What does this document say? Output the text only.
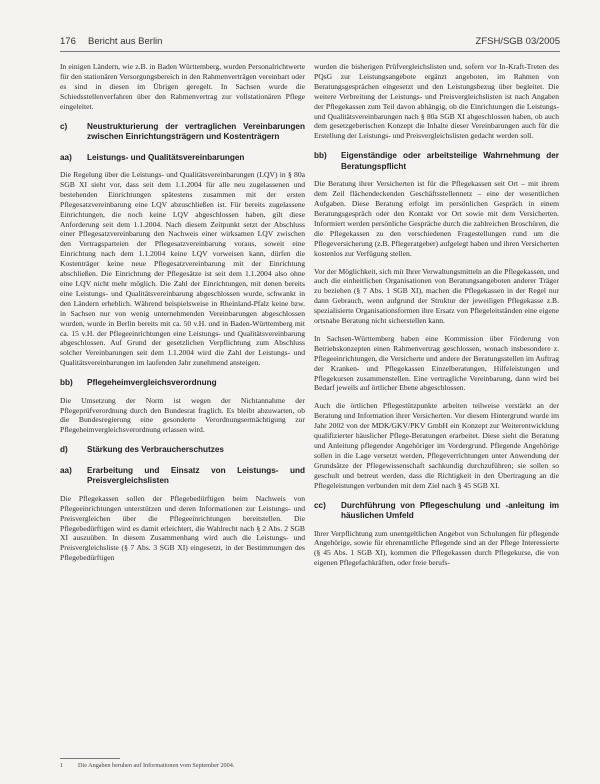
176 Bericht aus Berlin	ZFSH/SGB 03/2005

In einigen Ländern, wie z.B. in Baden Württemberg, wurden Personalrichtwerte für den stationären Versorgungsbereich in den Rahmenverträgen vereinbart oder es sind in diesen im Übrigen geregelt. In Sachsen wurde die Schiedsstellenverfahren über den Rahmenvertrag zur vollstationären Pflege eingeleitet.

c)	Neustrukturierung der vertraglichen Vereinbarungen zwischen Einrichtungsträgern und Kostenträgern
aa)	Leistungs- und Qualitätsvereinbarungen

Die Regelung über die Leistungs- und Qualitätsvereinbarungen (LQV) in § 80a SGB XI sieht vor, dass seit dem 1.1.2004 für alle neu zugelassenen und bestehenden Einrichtungen spätestens zusammen mit der ersten Pflegesatzvereinbarung eine LQV abzuschließen ist. Für bereits zugelassene Einrichtungen, die noch keine LQV abgeschlossen haben, gilt diese Anforderung seit dem 1.1.2004. Nach diesem Zeitpunkt setzt der Abschluss einer Pflegesatzvereinbarung den Nachweis einer wirksamen LQV zwischen den Vertragsparteien der Pflegesatzvereinbarung voraus, soweit eine Einrichtung nach dem 1.1.2004 keine LQV vorweisen kann, dürfen die Kostenträger keine neue Pflegesatzvereinbarung mit der Einrichtung abschließen. Die Einrichtung der Pflegesätze ist seit dem 1.1.2004 also ohne eine LQV nicht mehr möglich. Die Zahl der Einrichtungen, mit denen bereits eine Leistungs- und Qualitätsvereinbarung abgeschlossen wurde, schwankt in den Ländern erheblich. Während beispielsweise in Rheinland-Pfalz keine bzw. in Sachsen nur von wenig unternehmenden Vereinbarungen abgeschlossen wurden, wurde in Berlin bereits mit ca. 50 v.H. und in Baden-Württemberg mit ca. 15 v.H. der Pflegeeinrichtungen eine Leistungs- und Qualitätsvereinbarung abgeschlossen. Auf Grund der gesetzlichen Verpflichtung zum Abschluss solcher Vereinbarungen seit dem 1.1.2004 wird die Zahl der Leistungs- und Qualitätsvereinbarungen im laufenden Jahr zunehmend ansteigen.

bb)	Pflegeheimvergleichsverordnung

Die Umsetzung der Norm ist wegen der Nichtannahme der Pflegeprüfverordnung durch den Bundesrat fraglich. Es bleibt abzuwarten, ob die Bundesregierung eine gesonderte Verordnungsermächtigung zur Pflegeheimvergleichsverordnung erlassen wird.

d)	Stärkung des Verbraucherschutzes
aa)	Erarbeitung und Einsatz von Leistungs- und Preisvergleichslisten

Die Pflegekassen sollen der Pflegebedürftigen beim Nachweis von Pflegeeinrichtungen unterstützen und deren Informationen zur Leistungs- und Preisvergleichen über die Pflegeeinrichtungen bereitstellen. Die Pflegebedürftigen wird es damit erleichtert, die Wahlrecht nach § 2 Abs. 2 SGB XI auszuüben. In diesem Zusammenhang wird auch die Leistungs- und Preisvergleichsliste (§ 7 Abs. 3 SGB XI) eingesetzt, in der Bestimmungen des Pflegebedürftigen

wurden die bisherigen Prüfvergleichslisten und, sofern vor In-Kraft-Treten des PQsG zur Leistungsangebote ergänzt angeboten, im Rahmen von Beratungsgesprächen eingesetzt und den Leistungsbezug über begleitet. Die weitere Verbreitung der Leistungs- und Preisvergleichslisten ist nach Angaben der Pflegekassen zum Teil davon abhängig, ob die Einrichtungen die Leistungs- und Qualitätsvereinbarungen nach § 80a SGB XI abgeschlossen haben, ob auch dem gesetzgeberischen Konzept die Inhalte dieser Vereinbarungen auch für die Erstellung der Leistungs- und Preisvergleichslisten gedacht werden soll.

bb)	Eigenständige oder arbeitsteilige Wahrnehmung der Beratungspflicht

Die Beratung ihrer Versicherten ist für die Pflegekassen seit Ort – mit ihrem dem Zeil flächendeckenden Geschäftsstellennetz – eine der wesentlichen Aufgaben. Diese Beratung erfolgt im persönlichen Gespräch in einem Beratungsgespräch oder den Kontakt vor Ort sowie mit dem Versicherten. Informiert werden persönliche Gespräche durch die zahlreichen Broschüren, die die Pflegekassen zu den verschiedenen Fragestellungen rund um die Pflegeversicherung (z.B. Pflegeratgeber) aufgelegt haben und ihren Versicherten kostenlos zur Verfügung stellen.

Vor der Möglichkeit, sich mit Ihrer Verwaltungsmitteln an die Pflegekassen, und auch die einheitlichen Organisationen von Beratungsangeboten anderer Träger zu beziehen (§ 7 Abs. 1 SGB XI), machen die Pflegekassen in der Regel nur dann Gebrauch, wenn aufgrund der Struktur der jeweiligen Pflegekasse z.B. spezialisierte Organisationsformen ihre Ersatz von Pflegeleitständen eine eigene ortsnahe Beratung nicht sicherstellen kann.

In Sachsen-Württemberg haben eine Kommission über Förderung von Betriebskonzepten einen Rahmenvertrag geschlossen, wonach insbesondere z. Pflegeeinrichtungen, die Versicherte und andere der Beratungsstellen im Auftrag der Kranken- und Pflegekassen Einzelberatungen, Hilfeleistungen und Pflegekursen zusammenstellen. Eine vertragliche Vereinbarung, dann wird bei Bedarf jeweils auf örtlicher Ebene abgeschlossen.

Auch die örtlichen Pflegestützpunkte arbeiten teilweise verstärkt an der Beratung und Information ihrer Versicherten. Vor diesem Hintergrund wurde im Jahr 2002 von der MDK/GKV/PKV GmbH ein Konzept zur Weiterentwicklung qualifizierter häuslicher Pflege-Beratungen erarbeitet. Diese sieht die Beratung und Anleitung pflegender Angehöriger im Vordergrund. Pflegende Angehörige sollen in die Lage versetzt werden, Pflegeverrichtungen unter Anwendung der Grundsätze der Pflegewissenschaft sachkundig durchzuführen; sie sollen so geschult und betreut werden, dass die Richtigkeit in den Übertragung an die Pflegeleistungen verbunden mit dem Ziel nach § 45 SGB XI.

cc)	Durchführung von Pflegeschulung und -anleitung im häuslichen Umfeld

Ihrer Verpflichtung zum unentgeltlichen Angebot von Schulungen für pflegende Angehörige, sowie für ehrenamtliche Pflegende sind an der Pflege Interessierte (§ 45 Abs. 1 SGB XI), kommen die Pflegekassen durch Pflegekurse, die von eigenen Pflegefachkräften, oder freie berufs-

1 Die Angaben beruhen auf Informationen vom September 2004.
